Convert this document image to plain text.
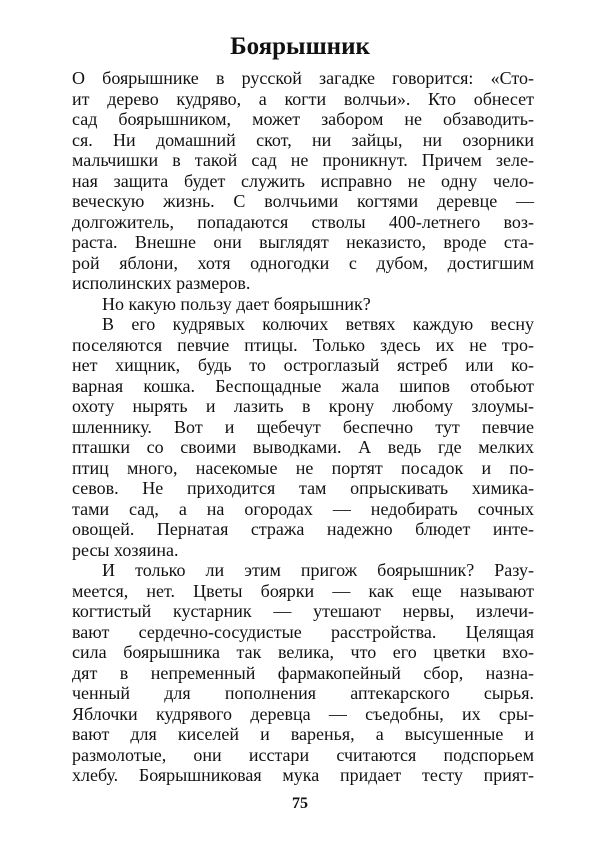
Боярышник
О боярышнике в русской загадке говорится: «Сто-
ит дерево кудряво, а когти волчьи». Кто обнесет
сад боярышником, может забором не обзаводить-
ся. Ни домашний скот, ни зайцы, ни озорники
мальчишки в такой сад не проникнут. Причем зеле-
ная защита будет служить исправно не одну чело-
веческую жизнь. С волчьими когтями деревце —
долгожитель, попадаются стволы 400-летнего воз-
раста. Внешне они выглядят неказисто, вроде ста-
рой яблони, хотя одногодки с дубом, достигшим
исполинских размеров.
Но какую пользу дает боярышник?
В его кудрявых колючих ветвях каждую весну
поселяются певчие птицы. Только здесь их не тро-
нет хищник, будь то остроглазый ястреб или ко-
варная кошка. Беспощадные жала шипов отобьют
охоту нырять и лазить в крону любому злоумы-
шленнику. Вот и щебечут беспечно тут певчие
пташки со своими выводками. А ведь где мелких
птиц много, насекомые не портят посадок и по-
севов. Не приходится там опрыскивать химика-
тами сад, а на огородах — недобирать сочных
овощей. Пернатая стража надежно блюдет инте-
ресы хозяина.
И только ли этим пригож боярышник? Разу-
меется, нет. Цветы боярки — как еще называют
когтистый кустарник — утешают нервы, излечи-
вают сердечно-сосудистые расстройства. Целящая
сила боярышника так велика, что его цветки вхо-
дят в непременный фармакопейный сбор, назна-
ченный для пополнения аптекарского сырья.
Яблочки кудрявого деревца — съедобны, их сры-
вают для киселей и варенья, а высушенные и
размолотые, они исстари считаются подспорьем
хлебу. Боярышниковая мука придает тесту прият-
75
